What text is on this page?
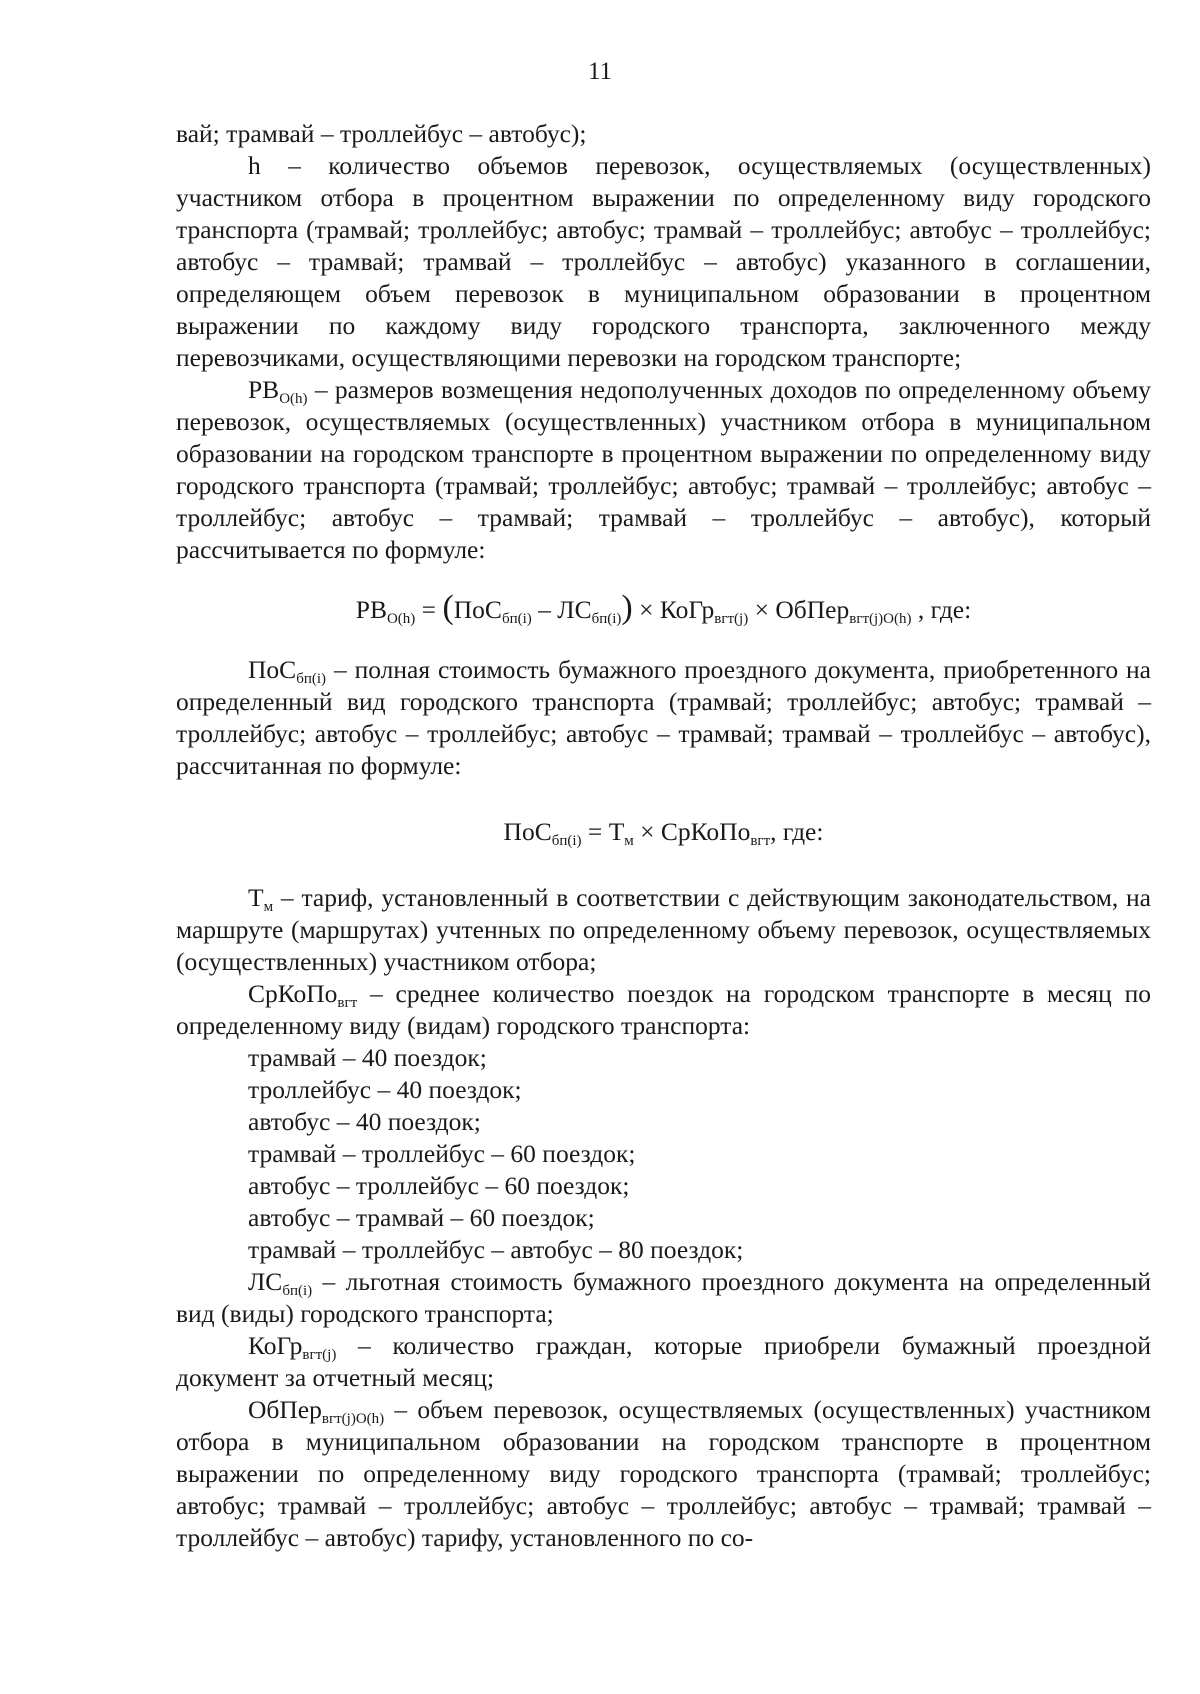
11

вай; трамвай – троллейбус – автобус);

h – количество объемов перевозок, осуществляемых (осуществленных) участником отбора в процентном выражении по определенному виду городского транспорта (трамвай; троллейбус; автобус; трамвай – троллейбус; автобус – троллейбус; автобус – трамвай; трамвай – троллейбус – автобус) указанного в соглашении, определяющем объем перевозок в муниципальном образовании в процентном выражении по каждому виду городского транспорта, заключенного между перевозчиками, осуществляющими перевозки на городском транспорте;

$РВ_{О(h)}$ – размеров возмещения недополученных доходов по определенному объему перевозок, осуществляемых (осуществленных) участником отбора в муниципальном образовании на городском транспорте в процентном выражении по определенному виду городского транспорта (трамвай; троллейбус; автобус; трамвай – троллейбус; автобус – троллейбус; автобус – трамвай; трамвай – троллейбус – автобус), который рассчитывается по формуле:

$РВ_{О(h)} = (ПоС_{бп(i)} - ЛС_{бп(i)})$ × КоГр$_{вгт(j)}$ × ОбПер$_{вгт(j)О(h)}$ , где:

ПоС$_{бп(i)}$ – полная стоимость бумажного проездного документа, приобретенного на определенный вид городского транспорта (трамвай; троллейбус; автобус; трамвай – троллейбус; автобус – троллейбус; автобус – трамвай; трамвай – троллейбус – автобус), рассчитанная по формуле:

$ПоС_{бп(i)} = Т_м$ × СрКоПо$_{вгт}$, где:

$Т_м$ – тариф, установленный в соответствии с действующим законодательством, на маршруте (маршрутах) учтенных по определенному объему перевозок, осуществляемых (осуществленных) участником отбора;

СрКоПо$_{вгт}$ – среднее количество поездок на городском транспорте в месяц по определенному виду (видам) городского транспорта:

трамвай – 40 поездок;

троллейбус – 40 поездок;

автобус – 40 поездок;

трамвай – троллейбус – 60 поездок;

автобус – троллейбус – 60 поездок;

автобус – трамвай – 60 поездок;

трамвай – троллейбус – автобус – 80 поездок;

$ЛС_{бп(i)}$ – льготная стоимость бумажного проездного документа на определенный вид (виды) городского транспорта;

КоГр$_{вгт(j)}$ – количество граждан, которые приобрели бумажный проездной документ за отчетный месяц;

ОбПер$_{вгт(j)О(h)}$ – объем перевозок, осуществляемых (осуществленных) участником отбора в муниципальном образовании на городском транспорте в процентном выражении по определенному виду городского транспорта (трамвай; троллейбус; автобус; трамвай – троллейбус; автобус – троллейбус; автобус – трамвай; трамвай – троллейбус – автобус) тарифу, установленного по со-
